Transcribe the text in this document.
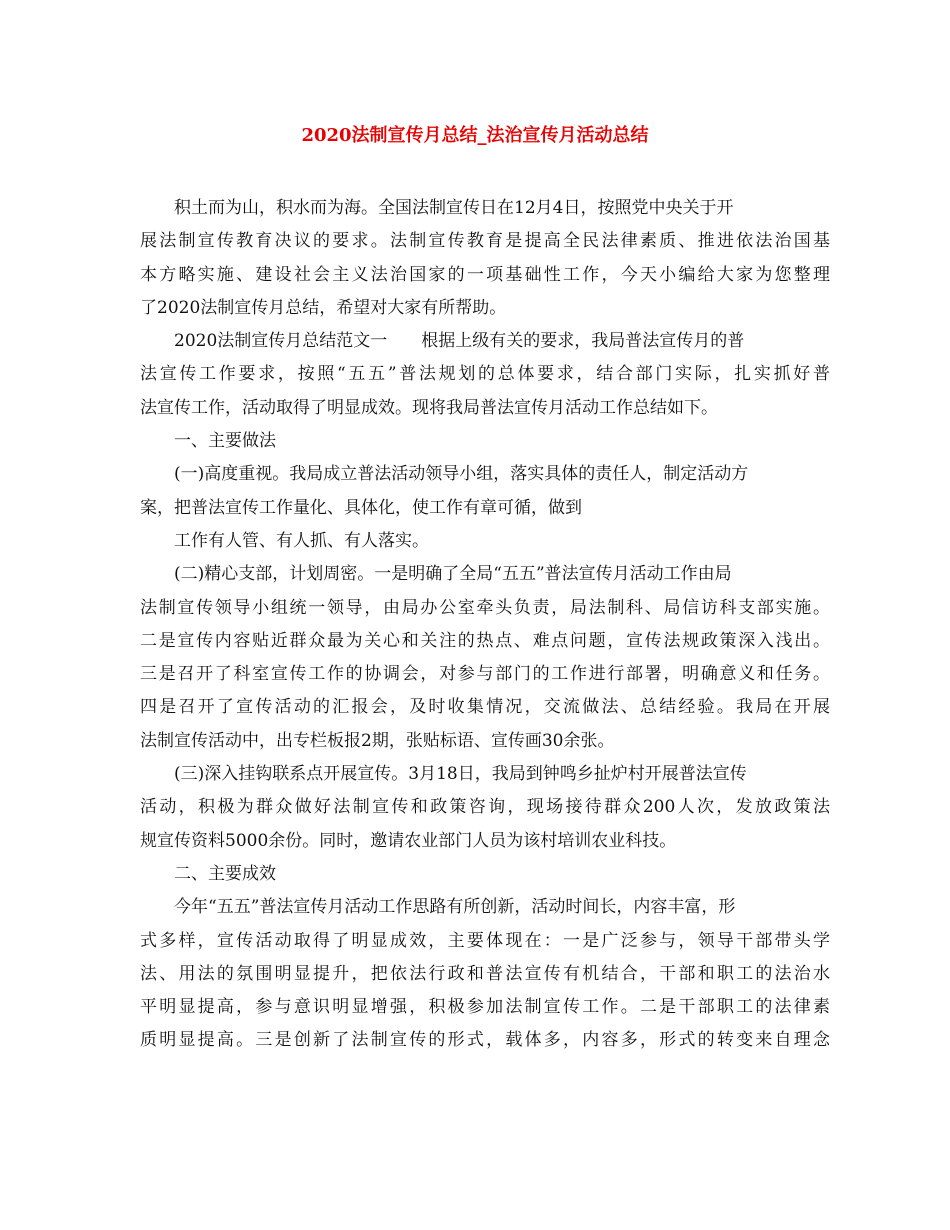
2020法制宣传月总结_法治宣传月活动总结
积土而为山，积水而为海。全国法制宣传日在12月4日，按照党中央关于开
展法制宣传教育决议的要求。法制宣传教育是提高全民法律素质、推进依法治国基
本方略实施、建设社会主义法治国家的一项基础性工作，今天小编给大家为您整理
了2020法制宣传月总结，希望对大家有所帮助。
2020法制宣传月总结范文一　　根据上级有关的要求，我局普法宣传月的普
法宣传工作要求，按照“五五”普法规划的总体要求，结合部门实际，扎实抓好普
法宣传工作，活动取得了明显成效。现将我局普法宣传月活动工作总结如下。
一、主要做法
(一)高度重视。我局成立普法活动领导小组，落实具体的责任人，制定活动方
案，把普法宣传工作量化、具体化，使工作有章可循，做到
工作有人管、有人抓、有人落实。
(二)精心支部，计划周密。一是明确了全局“五五”普法宣传月活动工作由局
法制宣传领导小组统一领导，由局办公室牵头负责，局法制科、局信访科支部实施。
二是宣传内容贴近群众最为关心和关注的热点、难点问题，宣传法规政策深入浅出。
三是召开了科室宣传工作的协调会，对参与部门的工作进行部署，明确意义和任务。
四是召开了宣传活动的汇报会，及时收集情况，交流做法、总结经验。我局在开展
法制宣传活动中，出专栏板报2期，张贴标语、宣传画30余张。
(三)深入挂钩联系点开展宣传。3月18日，我局到钟鸣乡扯炉村开展普法宣传
活动，积极为群众做好法制宣传和政策咨询，现场接待群众200人次，发放政策法
规宣传资料5000余份。同时，邀请农业部门人员为该村培训农业科技。
二、主要成效
今年“五五”普法宣传月活动工作思路有所创新，活动时间长，内容丰富，形
式多样，宣传活动取得了明显成效，主要体现在：一是广泛参与，领导干部带头学
法、用法的氛围明显提升，把依法行政和普法宣传有机结合，干部和职工的法治水
平明显提高，参与意识明显增强，积极参加法制宣传工作。二是干部职工的法律素
质明显提高。三是创新了法制宣传的形式，载体多，内容多，形式的转变来自理念
